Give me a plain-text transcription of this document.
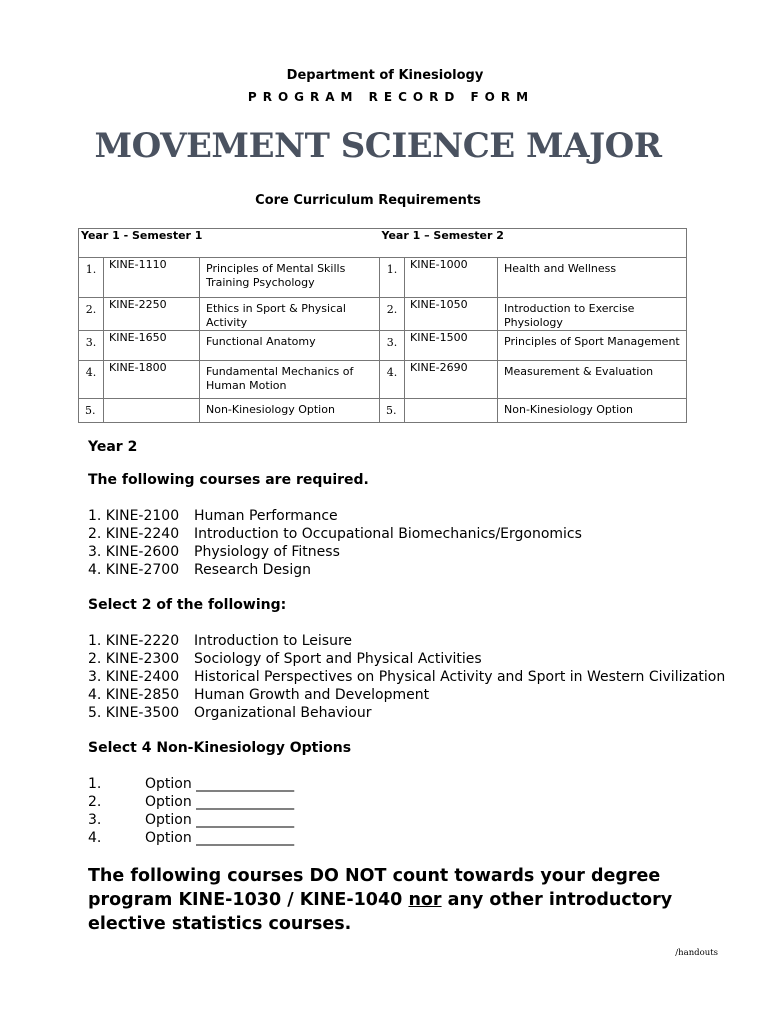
Department of Kinesiology
PROGRAM RECORD FORM
MOVEMENT SCIENCE MAJOR
Core Curriculum Requirements
Year 1 - Semester 1			Year 1 – Semester 2		
1.	KINE-1110	Principles of Mental Skills Training Psychology	1.	KINE-1000	Health and Wellness
2.	KINE-2250	Ethics in Sport & Physical Activity	2.	KINE-1050	Introduction to Exercise Physiology
3.	KINE-1650	Functional Anatomy	3.	KINE-1500	Principles of Sport Management
4.	KINE-1800	Fundamental Mechanics of Human Motion	4.	KINE-2690	Measurement & Evaluation
5.		Non-Kinesiology Option	5.		Non-Kinesiology Option
Year 2
The following courses are required.
1. KINE-2100	Human Performance
2. KINE-2240	Introduction to Occupational Biomechanics/Ergonomics
3. KINE-2600	Physiology of Fitness
4. KINE-2700	Research Design
Select 2 of the following:
1. KINE-2220	Introduction to Leisure
2. KINE-2300	Sociology of Sport and Physical Activities
3. KINE-2400	Historical Perspectives on Physical Activity and Sport in Western Civilization
4. KINE-2850	Human Growth and Development
5. KINE-3500	Organizational Behaviour
Select 4 Non-Kinesiology Options
1.	Option ______________
2.	Option ______________
3.	Option ______________
4.	Option ______________
The following courses DO NOT count towards your degree program KINE-1030 / KINE-1040 nor any other introductory elective statistics courses.
/handouts
